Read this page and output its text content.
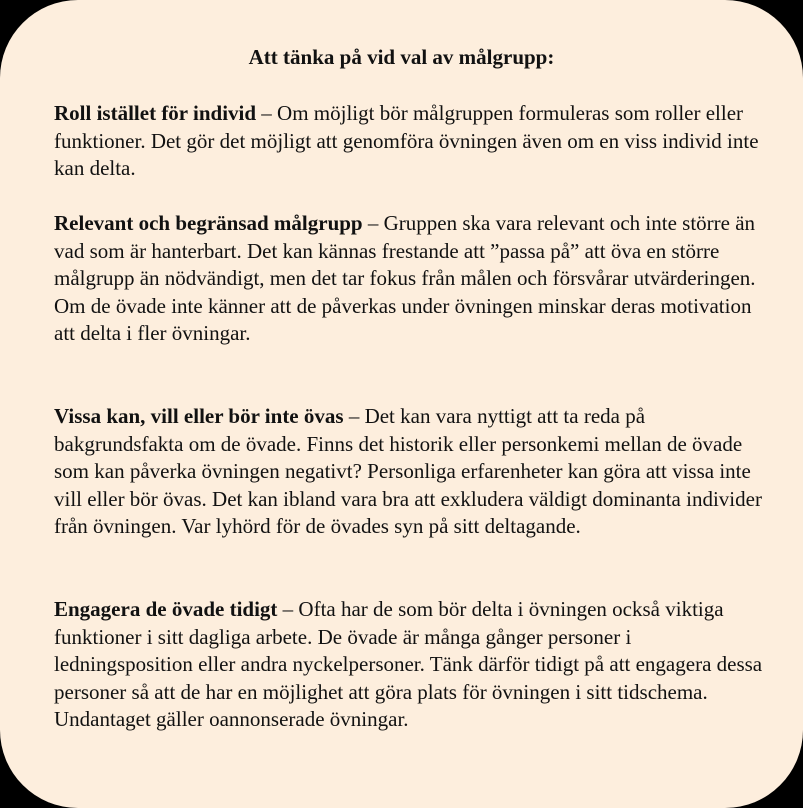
Att tänka på vid val av målgrupp:

Roll istället för individ – Om möjligt bör målgruppen formuleras som roller eller funktioner. Det gör det möjligt att genomföra övningen även om en viss individ inte kan delta.

Relevant och begränsad målgrupp – Gruppen ska vara relevant och inte större än vad som är hanterbart. Det kan kännas frestande att ”passa på” att öva en större målgrupp än nödvändigt, men det tar fokus från målen och försvårar utvärderingen. Om de övade inte känner att de påverkas under övningen minskar deras motivation att delta i fler övningar.

Vissa kan, vill eller bör inte övas – Det kan vara nyttigt att ta reda på bakgrundsfakta om de övade. Finns det historik eller personkemi mellan de övade som kan påverka övningen negativt? Personliga erfarenheter kan göra att vissa inte vill eller bör övas. Det kan ibland vara bra att exkludera väldigt dominanta individer från övningen. Var lyhörd för de övades syn på sitt deltagande.

Engagera de övade tidigt – Ofta har de som bör delta i övningen också viktiga funktioner i sitt dagliga arbete. De övade är många gånger personer i ledningsposition eller andra nyckelpersoner. Tänk därför tidigt på att engagera dessa personer så att de har en möjlighet att göra plats för övningen i sitt tidschema. Undantaget gäller oannonserade övningar.
